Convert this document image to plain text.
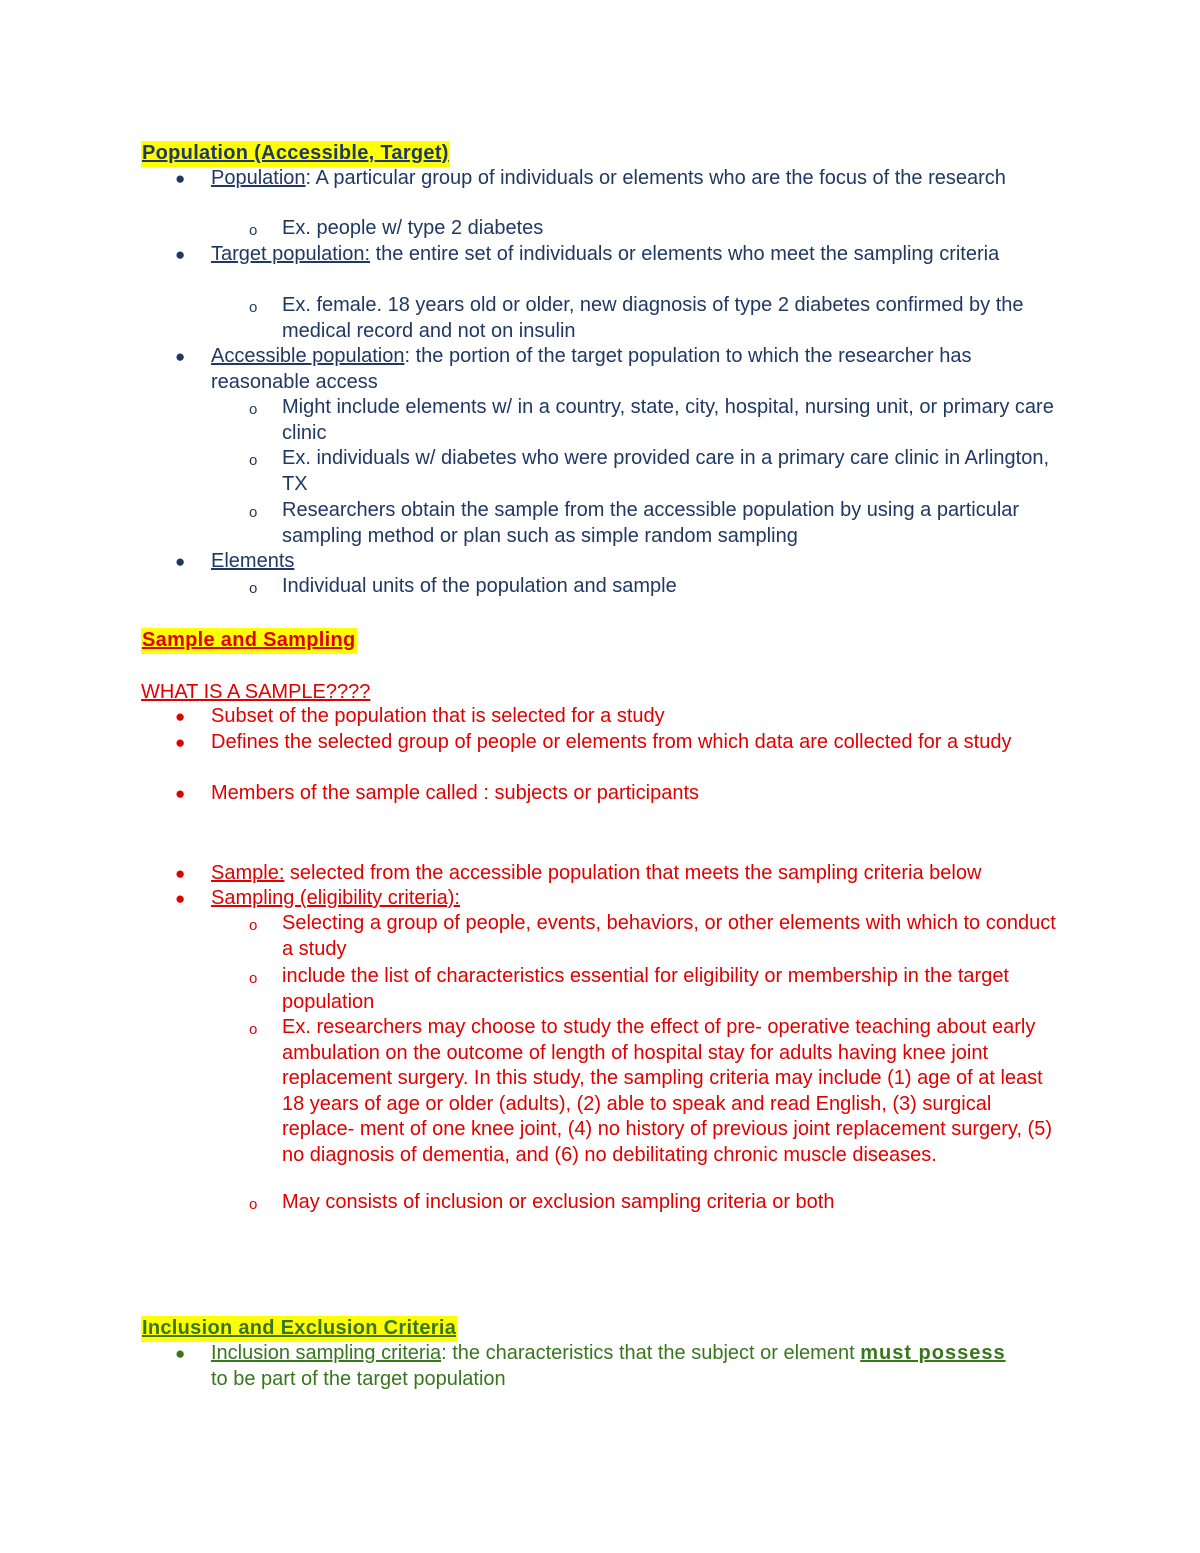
Population (Accessible, Target)
● Population: A particular group of individuals or elements who are the focus of the research
o Ex. people w/ type 2 diabetes
● Target population: the entire set of individuals or elements who meet the sampling criteria
o Ex. female. 18 years old or older, new diagnosis of type 2 diabetes confirmed by the medical record and not on insulin
● Accessible population: the portion of the target population to which the researcher has reasonable access
o Might include elements w/ in a country, state, city, hospital, nursing unit, or primary care clinic
o Ex. individuals w/ diabetes who were provided care in a primary care clinic in Arlington, TX
o Researchers obtain the sample from the accessible population by using a particular sampling method or plan such as simple random sampling
● Elements
o Individual units of the population and sample
Sample and Sampling
WHAT IS A SAMPLE????
● Subset of the population that is selected for a study
● Defines the selected group of people or elements from which data are collected for a study
● Members of the sample called : subjects or participants
● Sample: selected from the accessible population that meets the sampling criteria below
● Sampling (eligibility criteria):
o Selecting a group of people, events, behaviors, or other elements with which to conduct a study
o include the list of characteristics essential for eligibility or membership in the target population
o Ex. researchers may choose to study the effect of pre- operative teaching about early ambulation on the outcome of length of hospital stay for adults having knee joint replacement surgery. In this study, the sampling criteria may include (1) age of at least 18 years of age or older (adults), (2) able to speak and read English, (3) surgical replace- ment of one knee joint, (4) no history of previous joint replacement surgery, (5) no diagnosis of dementia, and (6) no debilitating chronic muscle diseases.
o May consists of inclusion or exclusion sampling criteria or both
Inclusion and Exclusion Criteria
● Inclusion sampling criteria: the characteristics that the subject or element must possess
to be part of the target population
